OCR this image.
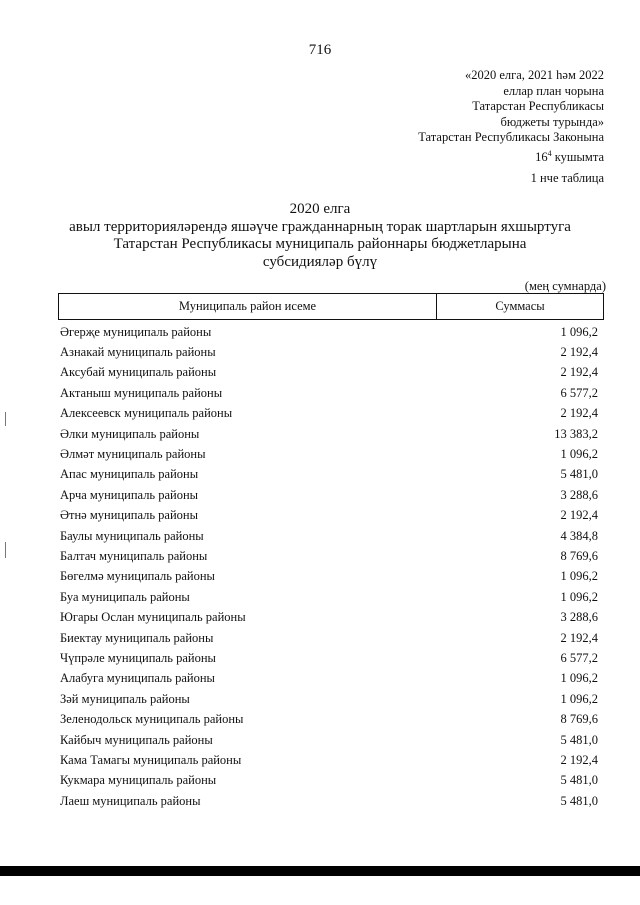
716
«2020 елга, 2021 һәм 2022
еллар план чорына
Татарстан Республикасы
бюджеты турында»
Татарстан Республикасы Законына
$16^4$ кушымта
1 нче таблица
2020 елга
авыл территорияләрендә яшәүче гражданнарның торак шартларын яхшыртуга
Татарстан Республикасы муниципаль районнары бюджетларына
субсидияләр бүлү
(мең сумнарда)
Муниципаль район исеме	Суммасы
Әгерҗе муниципаль районы	1 096,2
Азнакай муниципаль районы	2 192,4
Аксубай муниципаль районы	2 192,4
Актаныш муниципаль районы	6 577,2
Алексеевск муниципаль районы	2 192,4
Әлки муниципаль районы	13 383,2
Әлмәт муниципаль районы	1 096,2
Апас муниципаль районы	5 481,0
Арча муниципаль районы	3 288,6
Әтнә муниципаль районы	2 192,4
Баулы муниципаль районы	4 384,8
Балтач муниципаль районы	8 769,6
Бөгелмә муниципаль районы	1 096,2
Буа муниципаль районы	1 096,2
Югары Ослан муниципаль районы	3 288,6
Биектау муниципаль районы	2 192,4
Чүпрәле муниципаль районы	6 577,2
Алабуга муниципаль районы	1 096,2
Зәй муниципаль районы	1 096,2
Зеленодольск муниципаль районы	8 769,6
Кайбыч муниципаль районы	5 481,0
Кама Тамагы муниципаль районы	2 192,4
Кукмара муниципаль районы	5 481,0
Лаеш муниципаль районы	5 481,0
